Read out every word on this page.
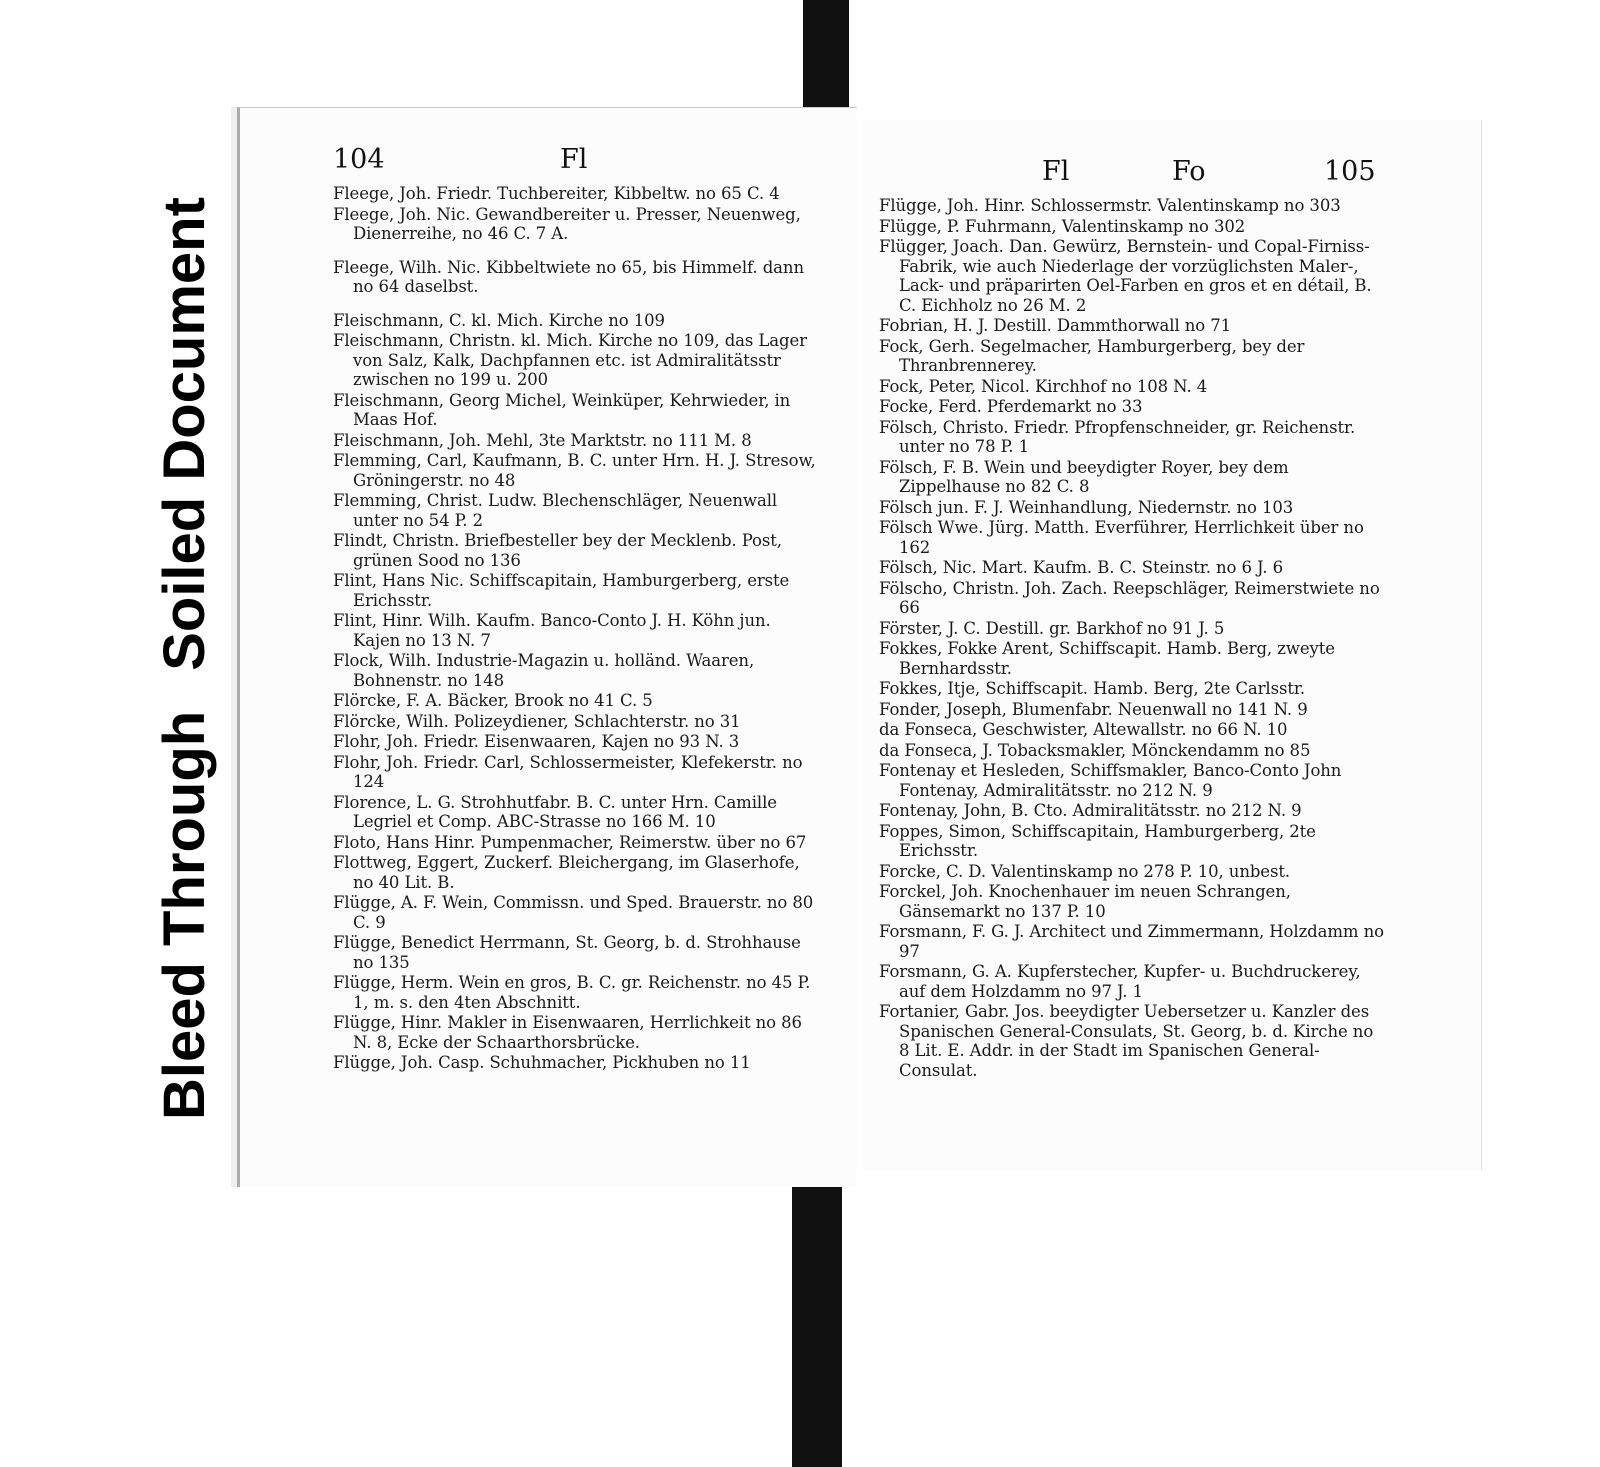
Bleed ThroughSoiled Document
104	Fl
Fleege, Joh. Friedr. Tuchbereiter, Kibbeltw. no 65 C. 4
Fleege, Joh. Nic. Gewandbereiter u. Presser, Neuenweg, Dienerreihe, no 46 C. 7 A.
Fleege, Wilh. Nic. Kibbeltwiete no 65, bis Himmelf. dann no 64 daselbst.
Fleischmann, C. kl. Mich. Kirche no 109
Fleischmann, Christn. kl. Mich. Kirche no 109, das Lager von Salz, Kalk, Dachpfannen etc. ist Admiralitätsstr zwischen no 199 u. 200
Fleischmann, Georg Michel, Weinküper, Kehrwieder, in Maas Hof.
Fleischmann, Joh. Mehl, 3te Marktstr. no 111 M. 8
Flemming, Carl, Kaufmann, B. C. unter Hrn. H. J. Stresow, Gröningerstr. no 48
Flemming, Christ. Ludw. Blechenschläger, Neuenwall unter no 54 P. 2
Flindt, Christn. Briefbesteller bey der Mecklenb. Post, grünen Sood no 136
Flint, Hans Nic. Schiffscapitain, Hamburgerberg, erste Erichsstr.
Flint, Hinr. Wilh. Kaufm. Banco-Conto J. H. Köhn jun. Kajen no 13 N. 7
Flock, Wilh. Industrie-Magazin u. holländ. Waaren, Bohnenstr. no 148
Flörcke, F. A. Bäcker, Brook no 41 C. 5
Flörcke, Wilh. Polizeydiener, Schlachterstr. no 31
Flohr, Joh. Friedr. Eisenwaaren, Kajen no 93 N. 3
Flohr, Joh. Friedr. Carl, Schlossermeister, Klefekerstr. no 124
Florence, L. G. Strohhutfabr. B. C. unter Hrn. Camille Legriel et Comp. ABC-Strasse no 166 M. 10
Floto, Hans Hinr. Pumpenmacher, Reimerstw. über no 67
Flottweg, Eggert, Zuckerf. Bleichergang, im Glaserhofe, no 40 Lit. B.
Flügge, A. F. Wein, Commissn. und Sped. Brauerstr. no 80 C. 9
Flügge, Benedict Herrmann, St. Georg, b. d. Strohhause no 135
Flügge, Herm. Wein en gros, B. C. gr. Reichenstr. no 45 P. 1, m. s. den 4ten Abschnitt.
Flügge, Hinr. Makler in Eisenwaaren, Herrlichkeit no 86 N. 8, Ecke der Schaarthorsbrücke.
Flügge, Joh. Casp. Schuhmacher, Pickhuben no 11
Fl	Fo	105
Flügge, Joh. Hinr. Schlossermstr. Valentinskamp no 303
Flügge, P. Fuhrmann, Valentinskamp no 302
Flügger, Joach. Dan. Gewürz, Bernstein- und Copal-Firniss-Fabrik, wie auch Niederlage der vorzüglichsten Maler-, Lack- und präparirten Oel-Farben en gros et en détail, B. C. Eichholz no 26 M. 2
Fobrian, H. J. Destill. Dammthorwall no 71
Fock, Gerh. Segelmacher, Hamburgerberg, bey der Thranbrennerey.
Fock, Peter, Nicol. Kirchhof no 108 N. 4
Focke, Ferd. Pferdemarkt no 33
Fölsch, Christo. Friedr. Pfropfenschneider, gr. Reichenstr. unter no 78 P. 1
Fölsch, F. B. Wein und beeydigter Royer, bey dem Zippelhause no 82 C. 8
Fölsch jun. F. J. Weinhandlung, Niedernstr. no 103
Fölsch Wwe. Jürg. Matth. Everführer, Herrlichkeit über no 162
Fölsch, Nic. Mart. Kaufm. B. C. Steinstr. no 6 J. 6
Fölscho, Christn. Joh. Zach. Reepschläger, Reimerstwiete no 66
Förster, J. C. Destill. gr. Barkhof no 91 J. 5
Fokkes, Fokke Arent, Schiffscapit. Hamb. Berg, zweyte Bernhardsstr.
Fokkes, Itje, Schiffscapit. Hamb. Berg, 2te Carlsstr.
Fonder, Joseph, Blumenfabr. Neuenwall no 141 N. 9
da Fonseca, Geschwister, Altewallstr. no 66 N. 10
da Fonseca, J. Tobacksmakler, Mönckendamm no 85
Fontenay et Hesleden, Schiffsmakler, Banco-Conto John Fontenay, Admiralitätsstr. no 212 N. 9
Fontenay, John, B. Cto. Admiralitätsstr. no 212 N. 9
Foppes, Simon, Schiffscapitain, Hamburgerberg, 2te Erichsstr.
Forcke, C. D. Valentinskamp no 278 P. 10, unbest.
Forckel, Joh. Knochenhauer im neuen Schrangen, Gänsemarkt no 137 P. 10
Forsmann, F. G. J. Architect und Zimmermann, Holzdamm no 97
Forsmann, G. A. Kupferstecher, Kupfer- u. Buchdruckerey, auf dem Holzdamm no 97 J. 1
Fortanier, Gabr. Jos. beeydigter Uebersetzer u. Kanzler des Spanischen General-Consulats, St. Georg, b. d. Kirche no 8 Lit. E. Addr. in der Stadt im Spanischen General-Consulat.
